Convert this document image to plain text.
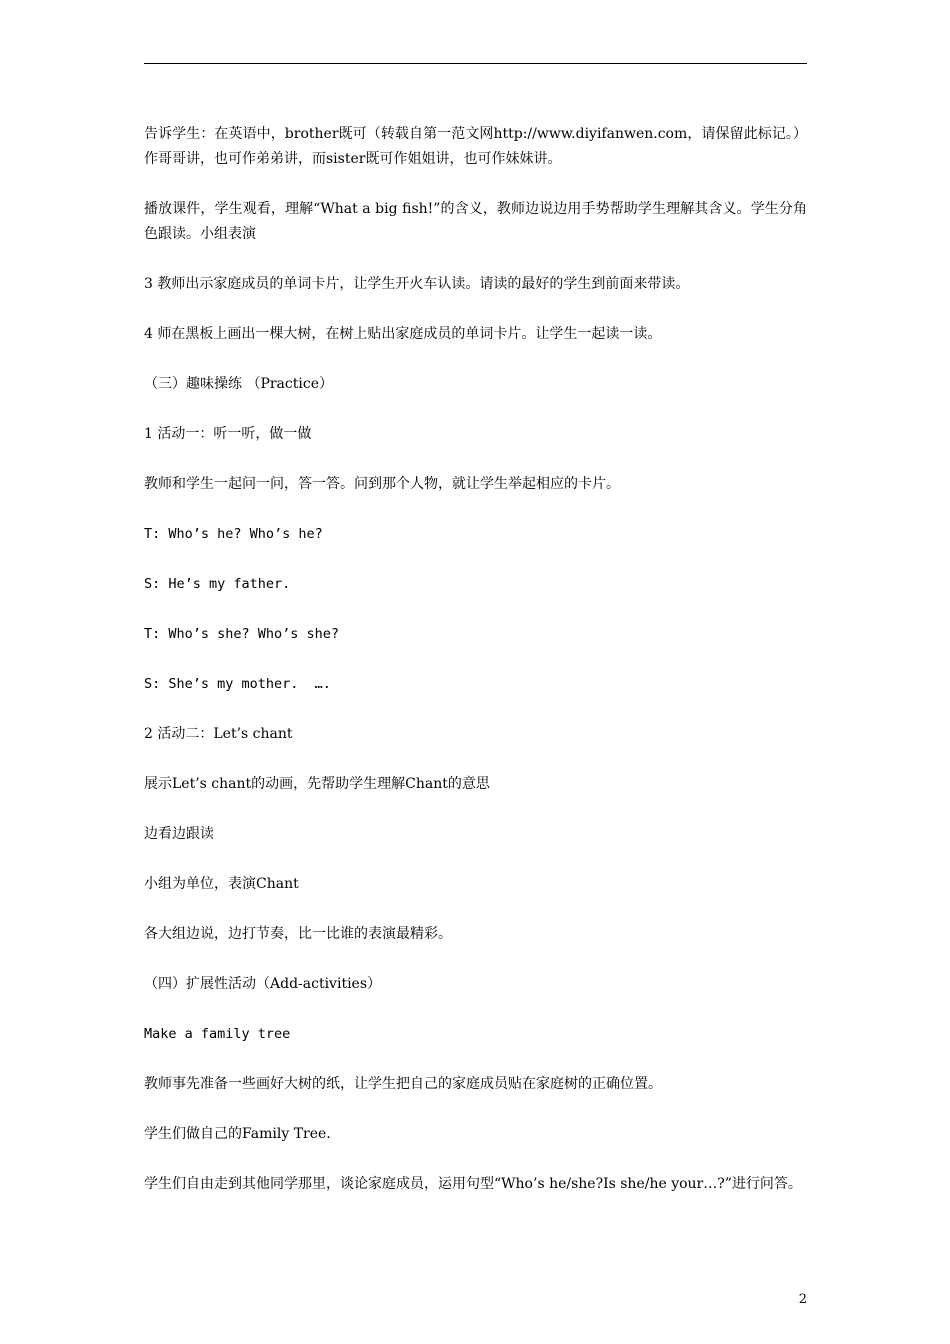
告诉学生：在英语中，brother既可（转载自第一范文网http://www.diyifanwen.com，请保留此标记。）作哥哥讲，也可作弟弟讲，而sister既可作姐姐讲，也可作妹妹讲。

播放课件，学生观看，理解“What a big fish!”的含义，教师边说边用手势帮助学生理解其含义。学生分角色跟读。小组表演

3 教师出示家庭成员的单词卡片，让学生开火车认读。请读的最好的学生到前面来带读。

4 师在黑板上画出一棵大树，在树上贴出家庭成员的单词卡片。让学生一起读一读。

（三）趣味操练 （Practice）

1 活动一：听一听，做一做

教师和学生一起问一问，答一答。问到那个人物，就让学生举起相应的卡片。

T: Who’s he? Who’s he?

S: He’s my father.

T: Who’s she? Who’s she?

S: She’s my mother.  ….

2 活动二：Let’s chant

展示Let’s chant的动画，先帮助学生理解Chant的意思

边看边跟读

小组为单位，表演Chant

各大组边说，边打节奏，比一比谁的表演最精彩。

（四）扩展性活动（Add-activities）

Make a family tree

教师事先准备一些画好大树的纸，让学生把自己的家庭成员贴在家庭树的正确位置。

学生们做自己的Family Tree.

学生们自由走到其他同学那里，谈论家庭成员，运用句型“Who’s he/she?Is she/he your…?”进行问答。

2
